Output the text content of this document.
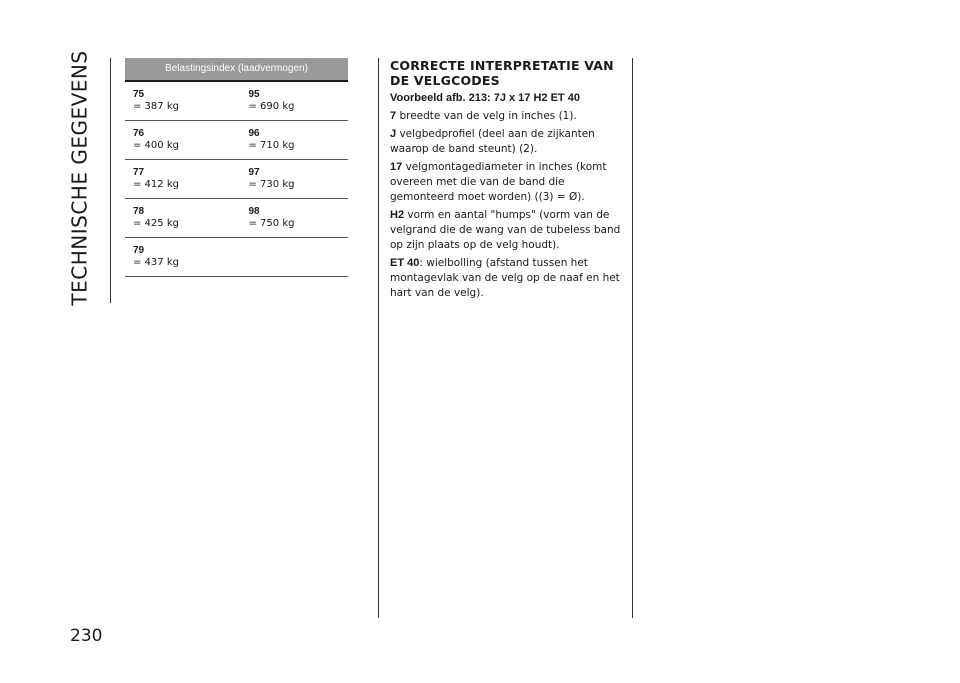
TECHNISCHE GEGEVENS
230
Belastingsindex (laadvermogen)
75
= 387 kg
95
= 690 kg
76
= 400 kg
96
= 710 kg
77
= 412 kg
97
= 730 kg
78
= 425 kg
98
= 750 kg
79
= 437 kg
CORRECTE INTERPRETATIE VAN DE VELGCODES

Voorbeeld afb. 213: 7J x 17 H2 ET 40

7 breedte van de velg in inches (1).

J velgbedprofiel (deel aan de zijkanten waarop de band steunt) (2).

17 velgmontagediameter in inches (komt overeen met die van de band die gemonteerd moet worden) ((3) = Ø).

H2 vorm en aantal "humps" (vorm van de velgrand die de wang van de tubeless band op zijn plaats op de velg houdt).

ET 40: wielbolling (afstand tussen het montagevlak van de velg op de naaf en het hart van de velg).
